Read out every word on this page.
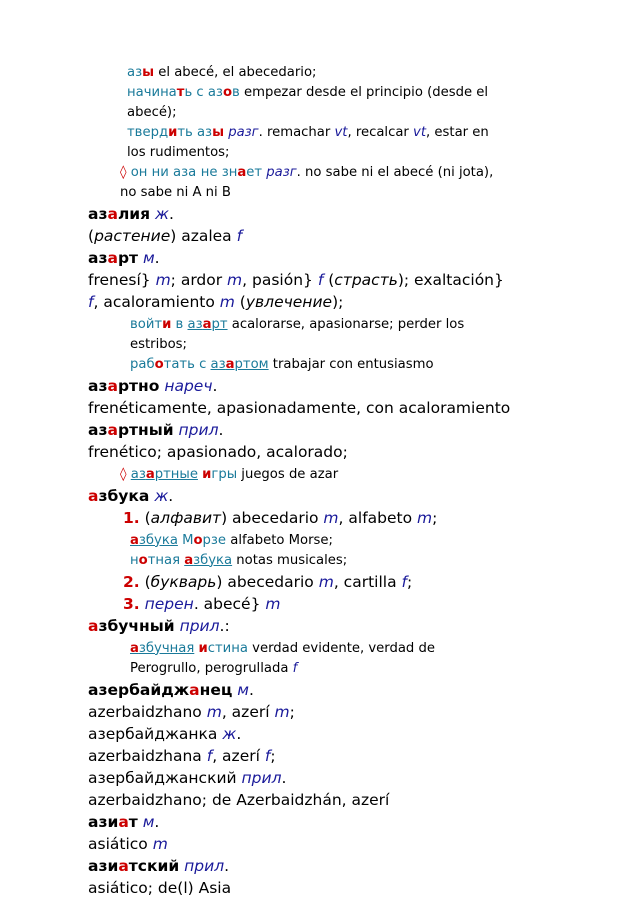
азы el abecé, el abecedario;
начинать с азов empezar desde el principio (desde el
abecé);
твердить азы разг. remachar vt, recalcar vt, estar en
los rudimentos;
◊ он ни аза не знает разг. no sabe ni el abecé (ni jota),
no sabe ni A ni B
азалия ж.
(растение) azalea f
азарт м.
frenesí} m; ardor m, pasión} f (страсть); exaltación}
f, acaloramiento m (увлечение);
войти в азарт acalorarse, apasionarse; perder los
estribos;
работать с азартом trabajar con entusiasmo
азартно нареч.
frenéticamente, apasionadamente, con acaloramiento
азартный прил.
frenético; apasionado, acalorado;
◊ азартные игры juegos de azar
азбука ж.
1. (алфавит) abecedario m, alfabeto m;
азбука Морзе alfabeto Morse;
нотная азбука notas musicales;
2. (букварь) abecedario m, cartilla f;
3. перен. abecé} m
азбучный прил.:
азбучная истина verdad evidente, verdad de
Perogrullo, perogrullada f
азербайджанец м.
azerbaidzhano m, azerí m;
азербайджанка ж.
azerbaidzhana f, azerí f;
азербайджанский прил.
azerbaidzhano; de Azerbaidzhán, azerí
азиат м.
asiático m
азиатский прил.
asiático; de(l) Asia
